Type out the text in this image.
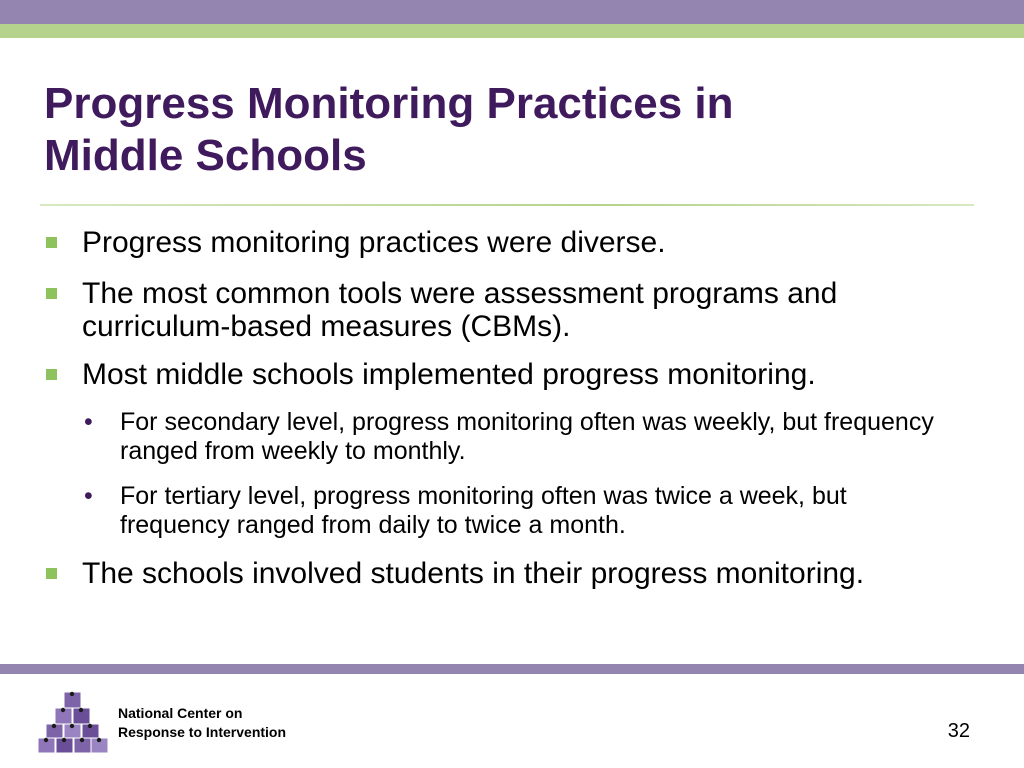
Progress Monitoring Practices in
Middle Schools
Progress monitoring practices were diverse.
The most common tools were assessment programs and curriculum-based measures (CBMs).
Most middle schools implemented progress monitoring.
• For secondary level, progress monitoring often was weekly, but frequency ranged from weekly to monthly.
• For tertiary level, progress monitoring often was twice a week, but frequency ranged from daily to twice a month.
The schools involved students in their progress monitoring.
National Center on
Response to Intervention	32
